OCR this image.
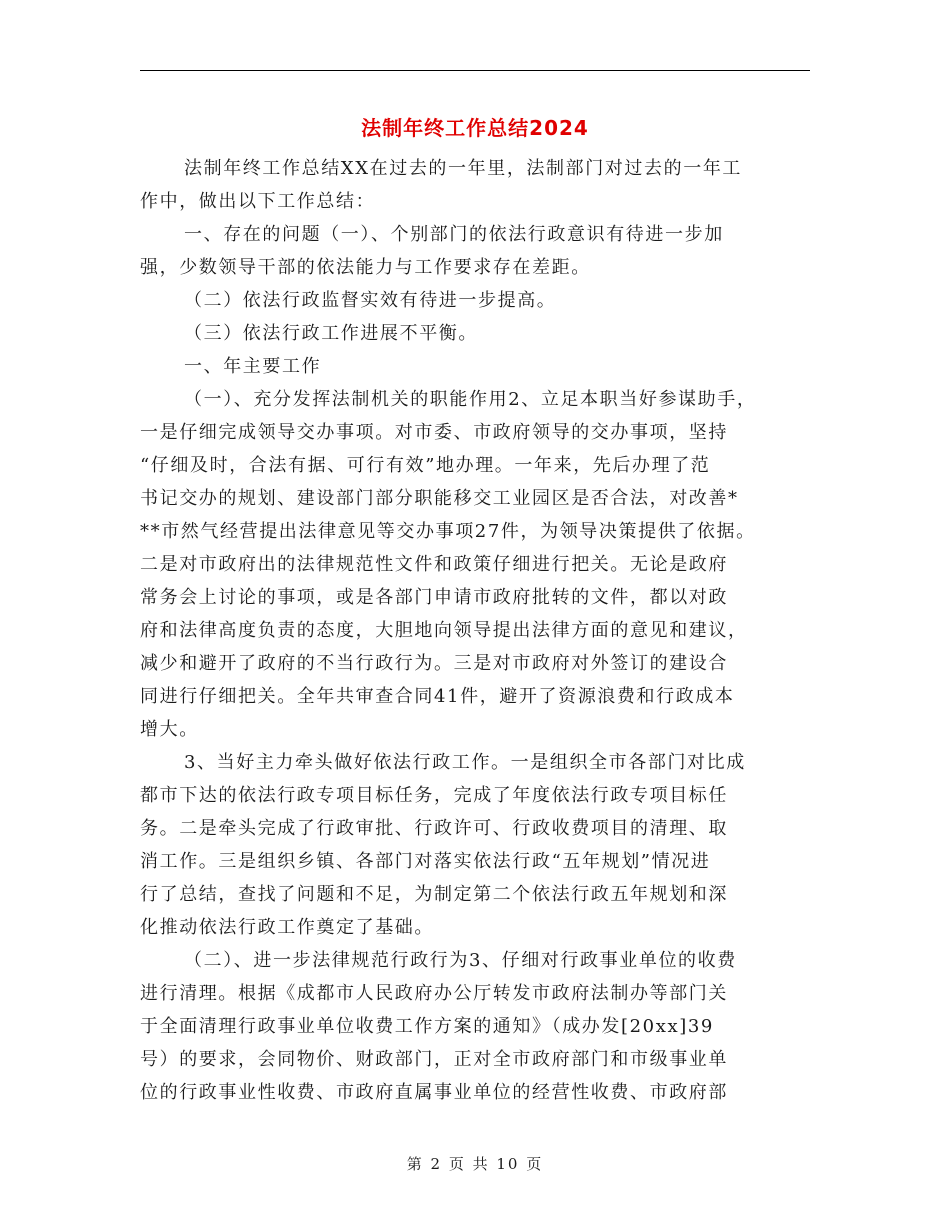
法制年终工作总结2024
法制年终工作总结XX在过去的一年里，法制部门对过去的一年工
作中，做出以下工作总结：
一、存在的问题（一）、个别部门的依法行政意识有待进一步加
强，少数领导干部的依法能力与工作要求存在差距。
（二）依法行政监督实效有待进一步提高。
（三）依法行政工作进展不平衡。
一、年主要工作
（一）、充分发挥法制机关的职能作用2、立足本职当好参谋助手，
一是仔细完成领导交办事项。对市委、市政府领导的交办事项，坚持
“仔细及时，合法有据、可行有效”地办理。一年来，先后办理了范
书记交办的规划、建设部门部分职能移交工业园区是否合法，对改善*
**市然气经营提出法律意见等交办事项27件，为领导决策提供了依据。
二是对市政府出的法律规范性文件和政策仔细进行把关。无论是政府
常务会上讨论的事项，或是各部门申请市政府批转的文件，都以对政
府和法律高度负责的态度，大胆地向领导提出法律方面的意见和建议，
减少和避开了政府的不当行政行为。三是对市政府对外签订的建设合
同进行仔细把关。全年共审查合同41件，避开了资源浪费和行政成本
增大。
3、当好主力牵头做好依法行政工作。一是组织全市各部门对比成
都市下达的依法行政专项目标任务，完成了年度依法行政专项目标任
务。二是牵头完成了行政审批、行政许可、行政收费项目的清理、取
消工作。三是组织乡镇、各部门对落实依法行政“五年规划”情况进
行了总结，查找了问题和不足，为制定第二个依法行政五年规划和深
化推动依法行政工作奠定了基础。
（二）、进一步法律规范行政行为3、仔细对行政事业单位的收费
进行清理。根据《成都市人民政府办公厅转发市政府法制办等部门关
于全面清理行政事业单位收费工作方案的通知》（成办发[20xx]39
号）的要求，会同物价、财政部门，正对全市政府部门和市级事业单
位的行政事业性收费、市政府直属事业单位的经营性收费、市政府部
第 2 页 共 10 页
